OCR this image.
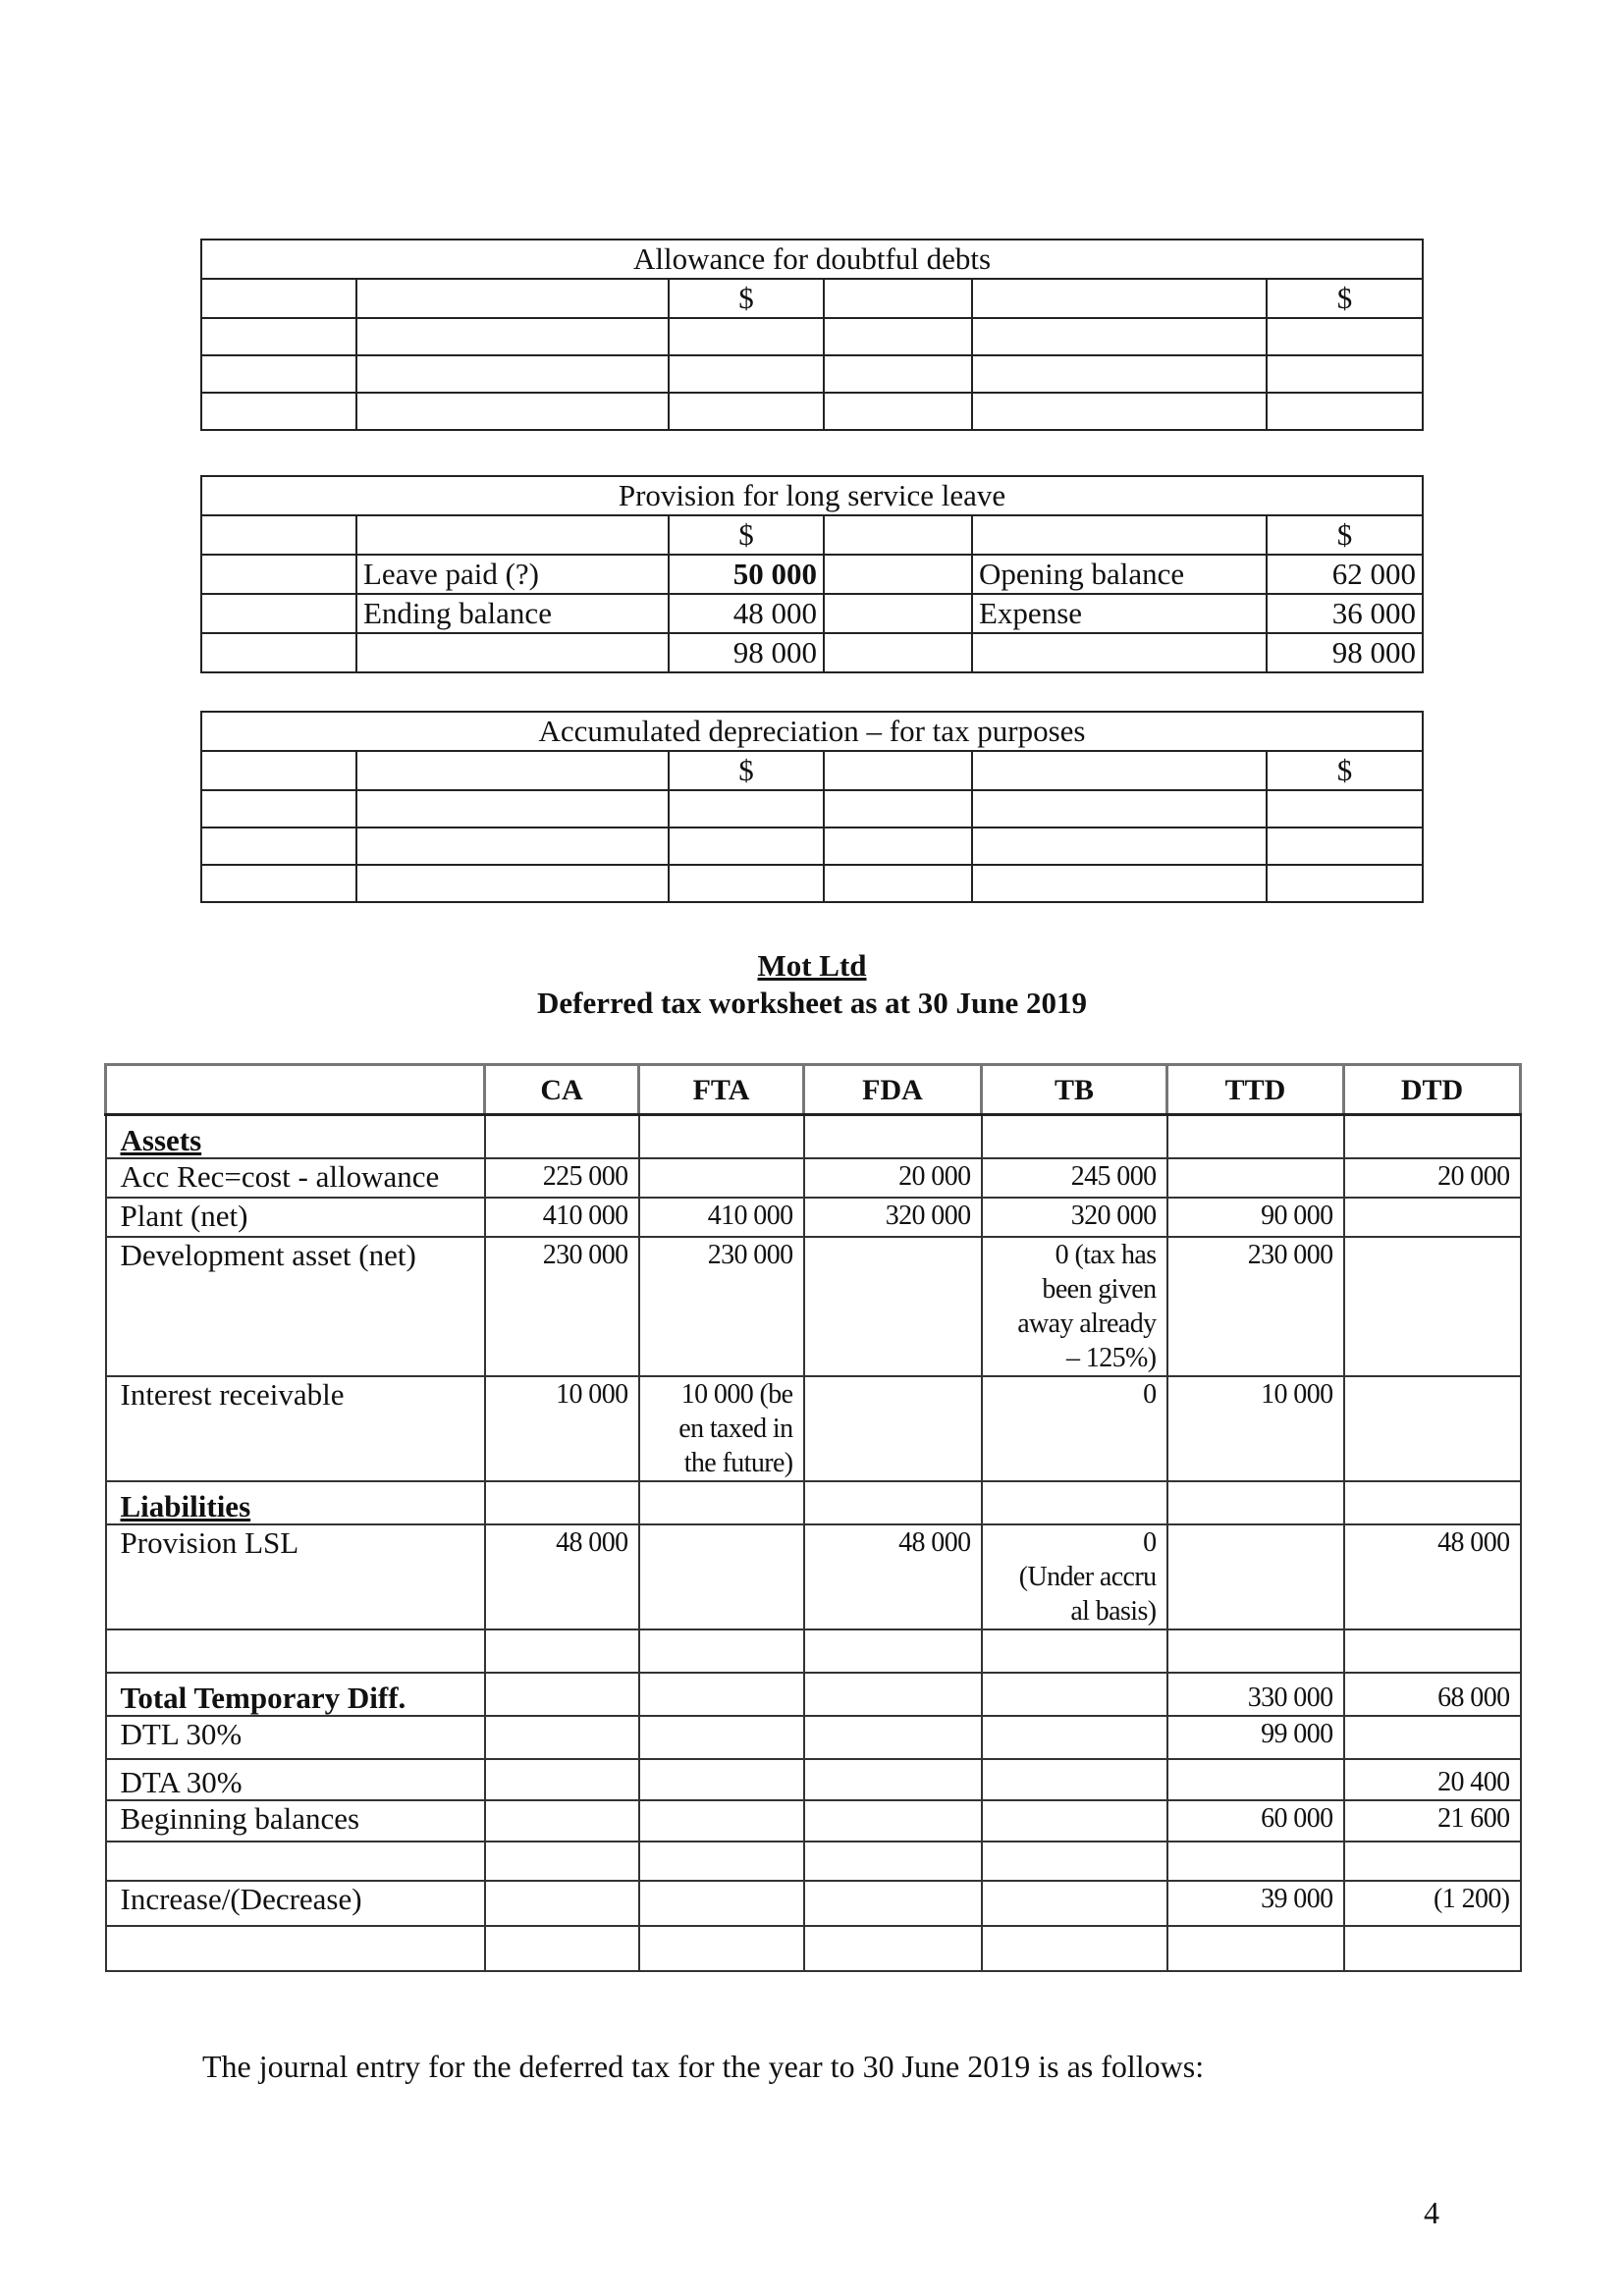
Allowance for doubtful debts					
		$			$

Provision for long service leave					
		$			$
	Leave paid (?)	50 000		Opening balance	62 000
	Ending balance	48 000		Expense	36 000
		98 000			98 000
Accumulated depreciation – for tax purposes					
		$			$

Mot Ltd
Deferred tax worksheet as at 30 June 2019
	CA	FTA	FDA	TB	TTD	DTD
Assets						
Acc Rec=cost - allowance	225 000		20 000	245 000		20 000
Plant (net)	410 000	410 000	320 000	320 000	90 000	
Development asset (net)	230 000	230 000		0 (tax has
been given
away already
– 125%)	230 000	
Interest receivable	10 000	10 000 (be
en taxed in
the future)		0	10 000	
Liabilities						
Provision LSL	48 000		48 000	0
(Under accru
al basis)		48 000

Total Temporary Diff.					330 000	68 000
DTL 30%					99 000	
DTA 30%						20 400
Beginning balances					60 000	21 600

Increase/(Decrease)					39 000	(1 200)

The journal entry for the deferred tax for the year to 30 June 2019 is as follows:
4
